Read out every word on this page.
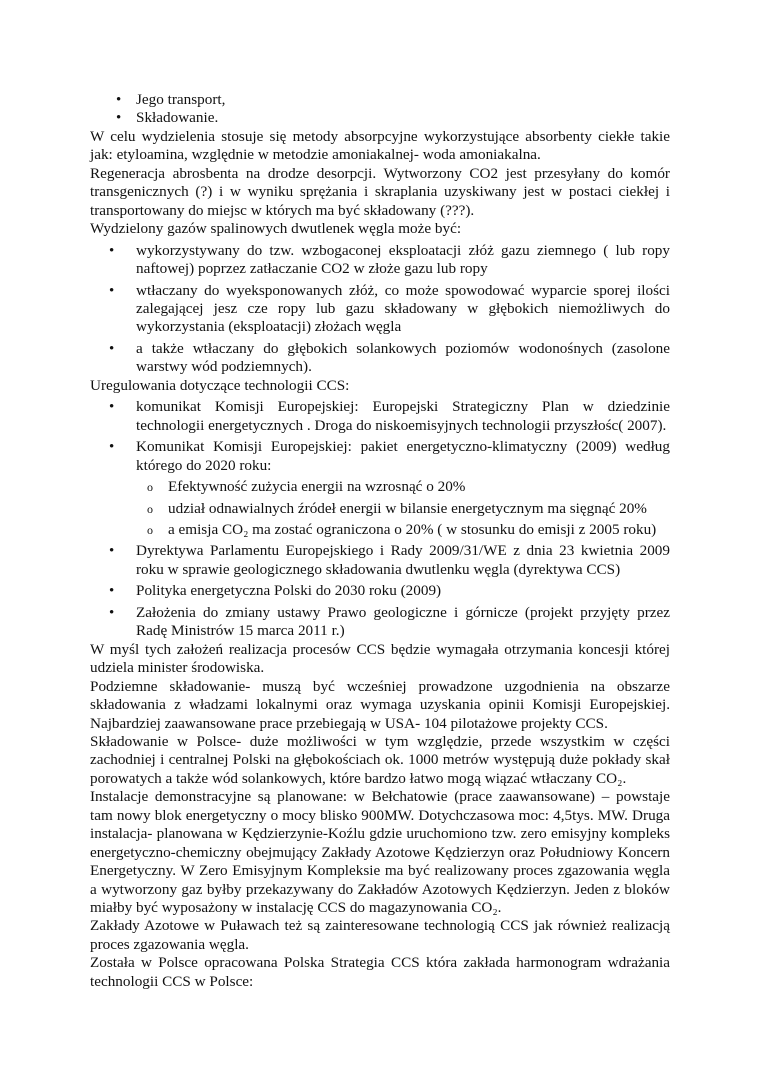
• Jego transport,
• Składowanie.

W celu wydzielenia stosuje się metody absorpcyjne wykorzystujące absorbenty ciekłe takie jak: etyloamina, względnie w metodzie amoniakalnej- woda amoniakalna.

Regeneracja abrosbenta na drodze desorpcji. Wytworzony CO2 jest przesyłany do komór transgenicznych (?) i w wyniku sprężania i skraplania uzyskiwany jest w postaci ciekłej i transportowany do miejsc w których ma być składowany (???).

Wydzielony gazów spalinowych dwutlenek węgla może być:

• wykorzystywany do tzw. wzbogaconej eksploatacji złóż gazu ziemnego ( lub ropy naftowej) poprzez zatłaczanie CO2 w złoże gazu lub ropy
• wtłaczany do wyeksponowanych złóż, co może spowodować wyparcie sporej ilości zalegającej jesz cze ropy lub gazu składowany w głębokich niemożliwych do wykorzystania (eksploatacji) złożach węgla
• a także wtłaczany do głębokich solankowych poziomów wodonośnych (zasolone warstwy wód podziemnych).

Uregulowania dotyczące technologii CCS:

• komunikat Komisji Europejskiej: Europejski Strategiczny Plan w dziedzinie technologii energetycznych . Droga do niskoemisyjnych technologii przyszłośc( 2007).
• Komunikat Komisji Europejskiej: pakiet energetyczno-klimatyczny (2009) według którego do 2020 roku:
o Efektywność zużycia energii na wzrosnąć o 20%
o udział odnawialnych źródeł energii w bilansie energetycznym ma sięgnąć 20%
o a emisja CO₂ ma zostać ograniczona o 20% ( w stosunku do emisji z 2005 roku)
• Dyrektywa Parlamentu Europejskiego i Rady 2009/31/WE z dnia 23 kwietnia 2009 roku w sprawie geologicznego składowania dwutlenku węgla (dyrektywa CCS)
• Polityka energetyczna Polski do 2030 roku (2009)
• Założenia do zmiany ustawy Prawo geologiczne i górnicze (projekt przyjęty przez Radę Ministrów 15 marca 2011 r.)

W myśl tych założeń realizacja procesów CCS będzie wymagała otrzymania koncesji której udziela minister środowiska.

Podziemne składowanie- muszą być wcześniej prowadzone uzgodnienia na obszarze składowania z władzami lokalnymi oraz wymaga uzyskania opinii Komisji Europejskiej. Najbardziej zaawansowane prace przebiegają w USA- 104 pilotażowe projekty CCS.

Składowanie w Polsce- duże możliwości w tym względzie, przede wszystkim w części zachodniej i centralnej Polski na głębokościach ok. 1000 metrów występują duże pokłady skał porowatych a także wód solankowych, które bardzo łatwo mogą wiązać wtłaczany CO₂.

Instalacje demonstracyjne są planowane: w Bełchatowie (prace zaawansowane) – powstaje tam nowy blok energetyczny o mocy blisko 900MW. Dotychczasowa moc: 4,5tys. MW. Druga instalacja- planowana w Kędzierzynie-Koźlu gdzie uruchomiono tzw. zero emisyjny kompleks energetyczno-chemiczny obejmujący Zakłady Azotowe Kędzierzyn oraz Południowy Koncern Energetyczny. W Zero Emisyjnym Kompleksie ma być realizowany proces zgazowania węgla a wytworzony gaz byłby przekazywany do Zakładów Azotowych Kędzierzyn. Jeden z bloków miałby być wyposażony w instalację CCS do magazynowania CO₂.

Zakłady Azotowe w Puławach też są zainteresowane technologią CCS jak również realizacją proces zgazowania węgla.

Została w Polsce opracowana Polska Strategia CCS która zakłada harmonogram wdrażania technologii CCS w Polsce:
